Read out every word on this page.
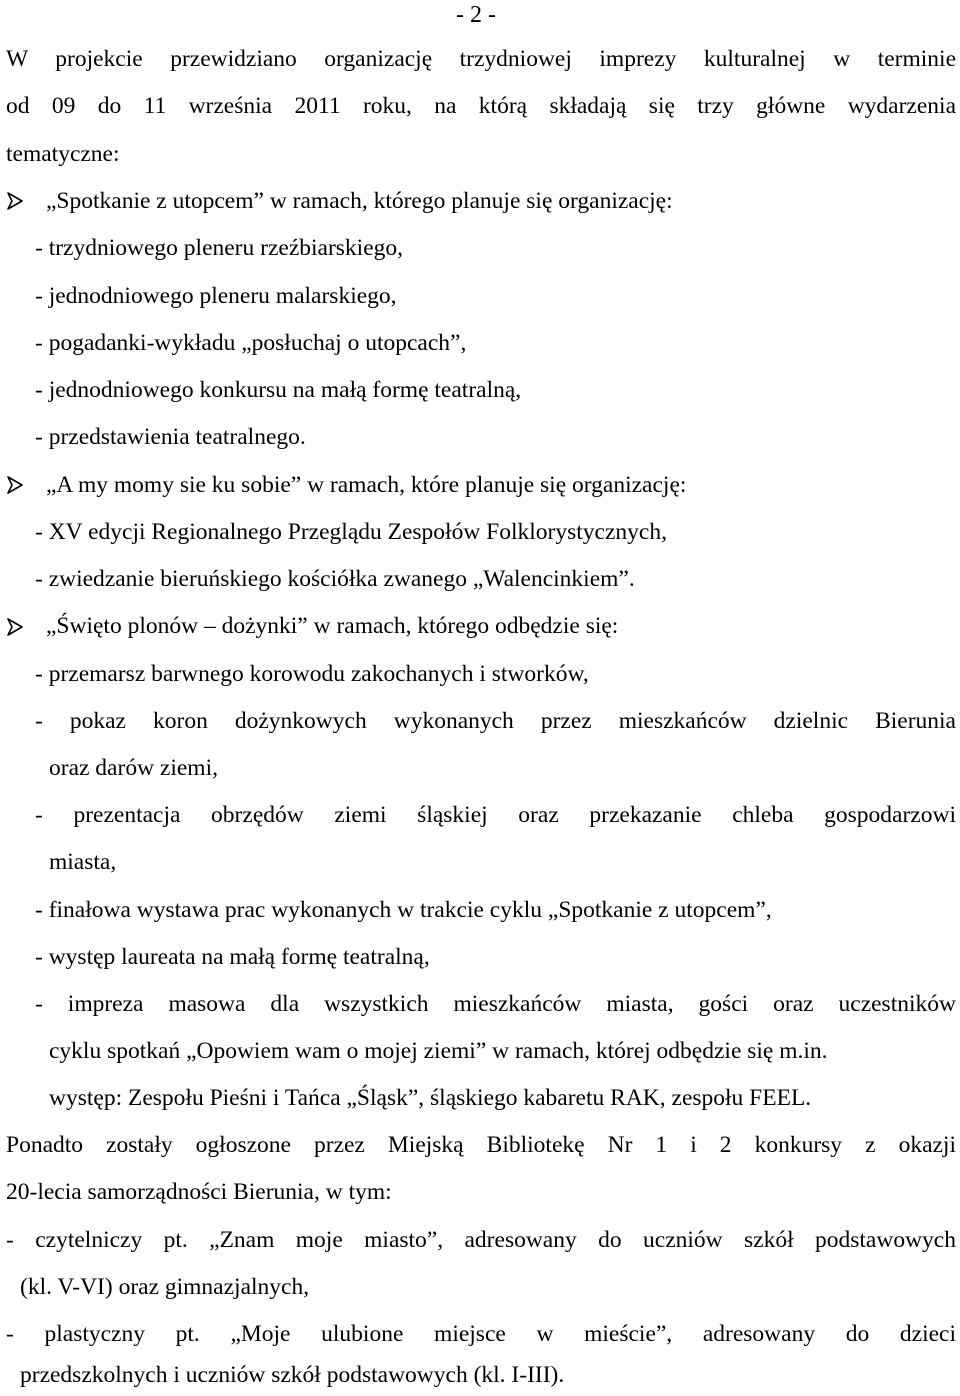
- 2 -
W projekcie przewidziano organizację trzydniowej imprezy kulturalnej w terminie
od 09 do 11 września 2011 roku, na którą składają się trzy główne wydarzenia
tematyczne:
„Spotkanie z utopcem” w ramach, którego planuje się organizację:
- trzydniowego pleneru rzeźbiarskiego,
- jednodniowego pleneru malarskiego,
- pogadanki-wykładu „posłuchaj o utopcach”,
- jednodniowego konkursu na małą formę teatralną,
- przedstawienia teatralnego.
„A my momy sie ku sobie” w ramach, które planuje się organizację:
- XV edycji Regionalnego Przeglądu Zespołów Folklorystycznych,
- zwiedzanie bieruńskiego kościółka zwanego „Walencinkiem”.
„Święto plonów – dożynki” w ramach, którego odbędzie się:
- przemarsz barwnego korowodu zakochanych i stworków,
- pokaz koron dożynkowych wykonanych przez mieszkańców dzielnic Bierunia
oraz darów ziemi,
- prezentacja obrzędów ziemi śląskiej oraz przekazanie chleba gospodarzowi
miasta,
- finałowa wystawa prac wykonanych w trakcie cyklu „Spotkanie z utopcem”,
- występ laureata na małą formę teatralną,
- impreza masowa dla wszystkich mieszkańców miasta, gości oraz uczestników
cyklu spotkań „Opowiem wam o mojej ziemi” w ramach, której odbędzie się m.in.
występ: Zespołu Pieśni i Tańca „Śląsk”, śląskiego kabaretu RAK, zespołu FEEL.
Ponadto zostały ogłoszone przez Miejską Bibliotekę Nr 1 i 2 konkursy z okazji
20-lecia samorządności Bierunia, w tym:
- czytelniczy pt. „Znam moje miasto”, adresowany do uczniów szkół podstawowych
(kl. V-VI) oraz gimnazjalnych,
- plastyczny pt. „Moje ulubione miejsce w mieście”, adresowany do dzieci
przedszkolnych i uczniów szkół podstawowych (kl. I-III).
